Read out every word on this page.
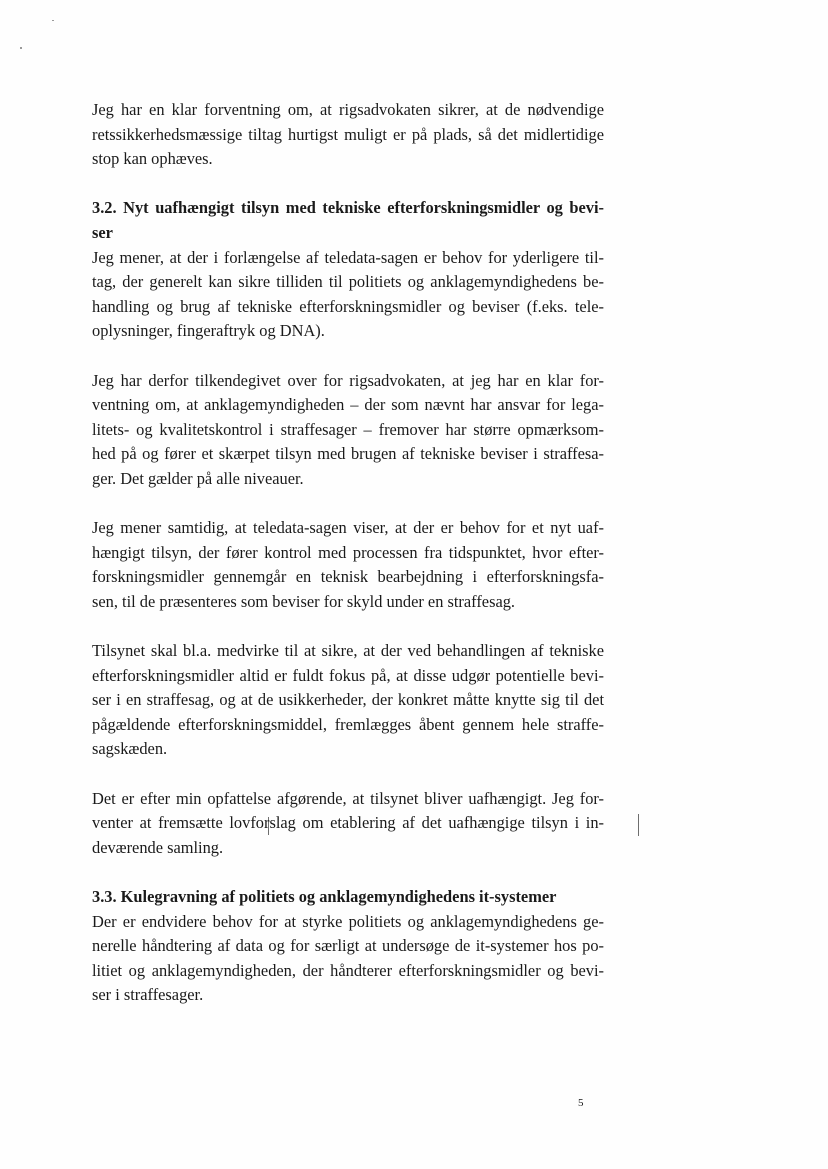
Jeg har en klar forventning om, at rigsadvokaten sikrer, at de nødvendige
retssikkerhedsmæssige tiltag hurtigst muligt er på plads, så det midlertidige
stop kan ophæves.
3.2. Nyt uafhængigt tilsyn med tekniske efterforskningsmidler og bevi-
ser
Jeg mener, at der i forlængelse af teledata-sagen er behov for yderligere til-
tag, der generelt kan sikre tilliden til politiets og anklagemyndighedens be-
handling og brug af tekniske efterforskningsmidler og beviser (f.eks. tele-
oplysninger, fingeraftryk og DNA).
Jeg har derfor tilkendegivet over for rigsadvokaten, at jeg har en klar for-
ventning om, at anklagemyndigheden – der som nævnt har ansvar for lega-
litets- og kvalitetskontrol i straffesager – fremover har større opmærksom-
hed på og fører et skærpet tilsyn med brugen af tekniske beviser i straffesa-
ger. Det gælder på alle niveauer.
Jeg mener samtidig, at teledata-sagen viser, at der er behov for et nyt uaf-
hængigt tilsyn, der fører kontrol med processen fra tidspunktet, hvor efter-
forskningsmidler gennemgår en teknisk bearbejdning i efterforskningsfa-
sen, til de præsenteres som beviser for skyld under en straffesag.
Tilsynet skal bl.a. medvirke til at sikre, at der ved behandlingen af tekniske
efterforskningsmidler altid er fuldt fokus på, at disse udgør potentielle bevi-
ser i en straffesag, og at de usikkerheder, der konkret måtte knytte sig til det
pågældende efterforskningsmiddel, fremlægges åbent gennem hele straffe-
sagskæden.
Det er efter min opfattelse afgørende, at tilsynet bliver uafhængigt. Jeg for-
venter at fremsætte lovforslag om etablering af det uafhængige tilsyn i in-
deværende samling.
3.3. Kulegravning af politiets og anklagemyndighedens it-systemer
Der er endvidere behov for at styrke politiets og anklagemyndighedens ge-
nerelle håndtering af data og for særligt at undersøge de it-systemer hos po-
litiet og anklagemyndigheden, der håndterer efterforskningsmidler og bevi-
ser i straffesager.
5
